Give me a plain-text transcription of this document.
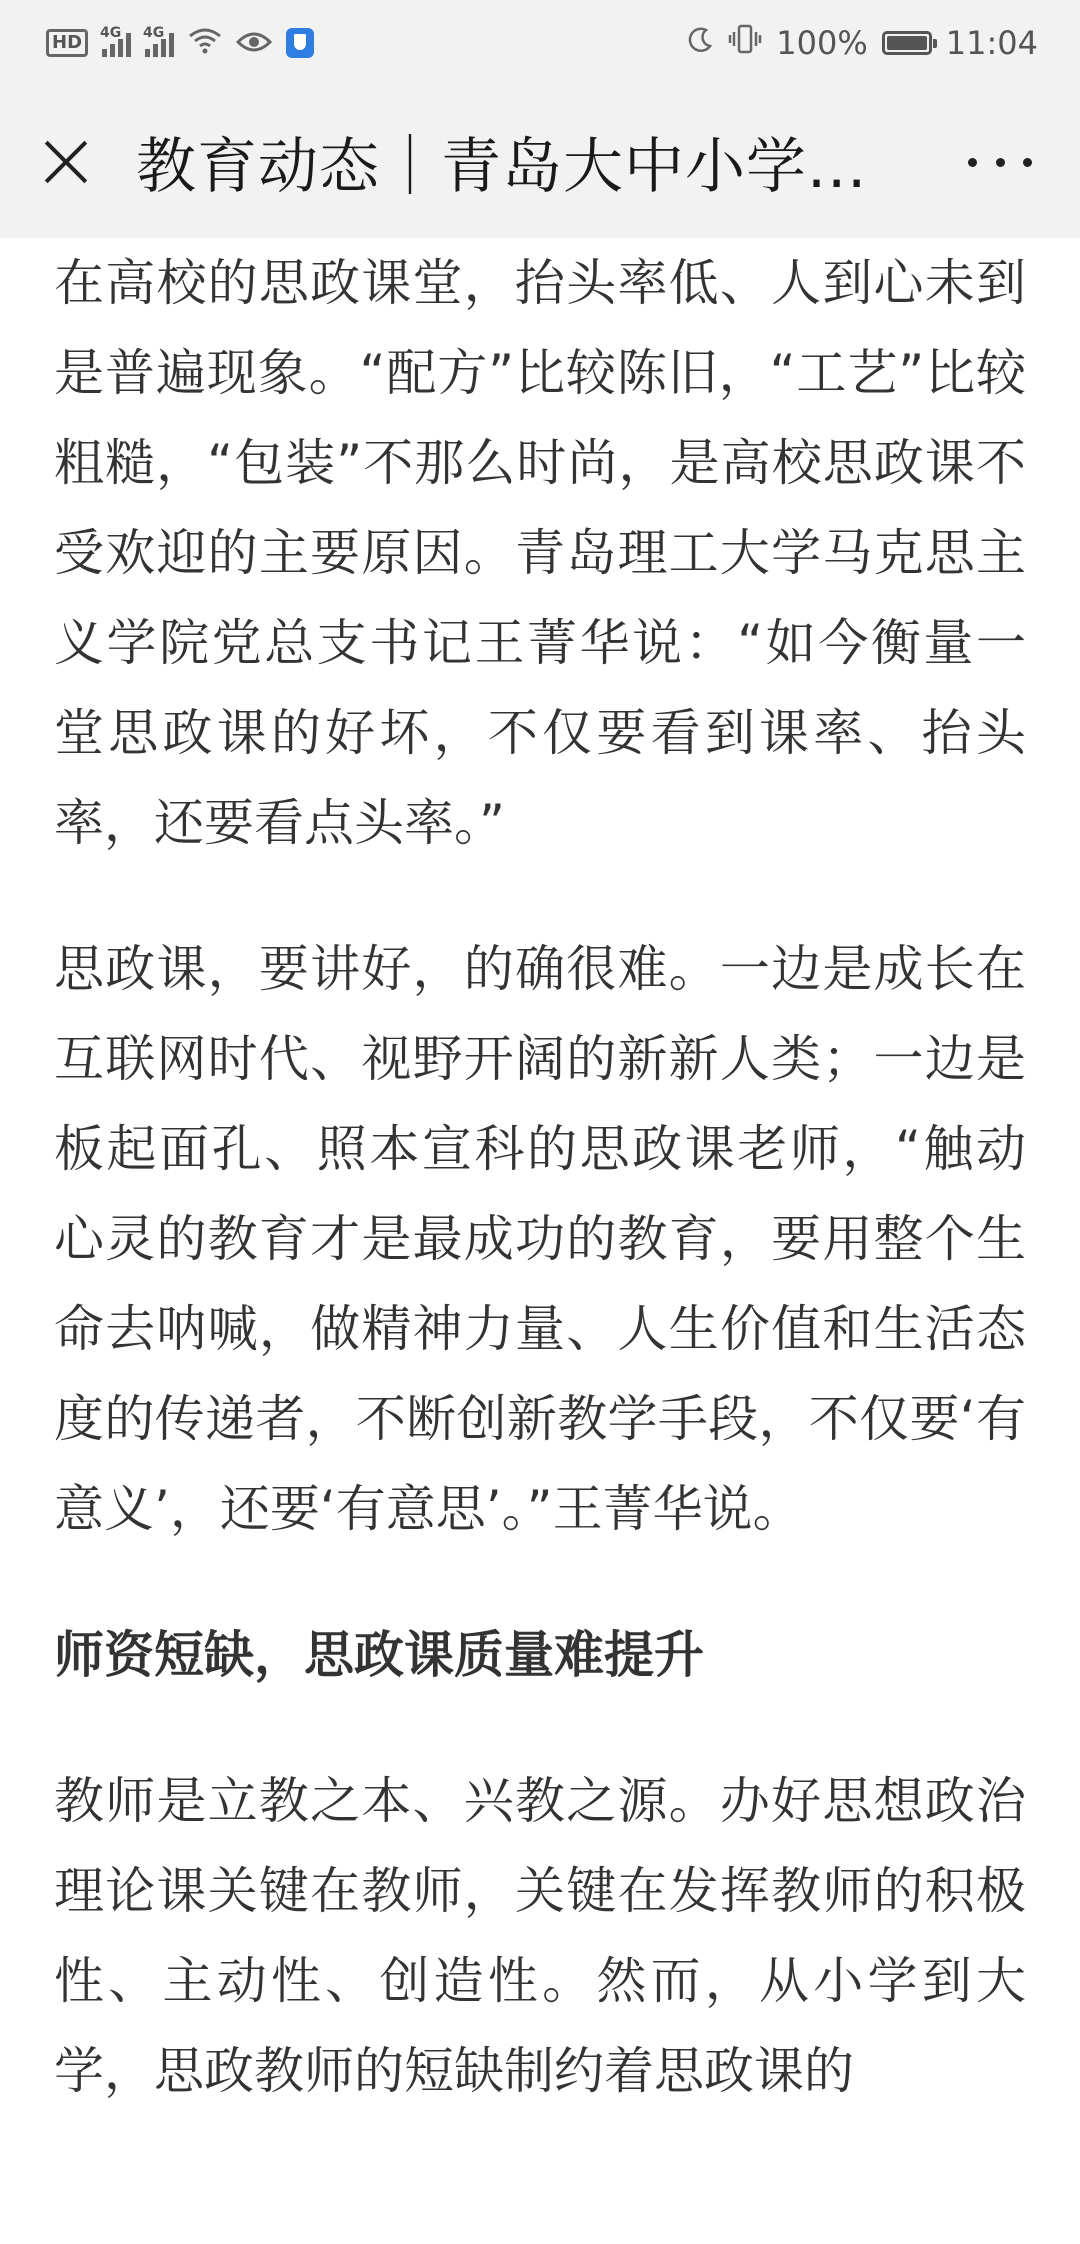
HD	4G 4G	100% 11:04
教育动态｜青岛大中小学...

在高校的思政课堂，抬头率低、人到心未到是普遍现象。“配方”比较陈旧，“工艺”比较粗糙，“包装”不那么时尚，是高校思政课不受欢迎的主要原因。青岛理工大学马克思主义学院党总支书记王菁华说：“如今衡量一堂思政课的好坏，不仅要看到课率、抬头率，还要看点头率。”

思政课，要讲好，的确很难。一边是成长在互联网时代、视野开阔的新新人类；一边是板起面孔、照本宣科的思政课老师，“触动心灵的教育才是最成功的教育，要用整个生命去呐喊，做精神力量、人生价值和生活态度的传递者，不断创新教学手段，不仅要‘有意义’，还要‘有意思’。”王菁华说。

师资短缺，思政课质量难提升

教师是立教之本、兴教之源。办好思想政治理论课关键在教师，关键在发挥教师的积极性、主动性、创造性。然而，从小学到大学，思政教师的短缺制约着思政课的
